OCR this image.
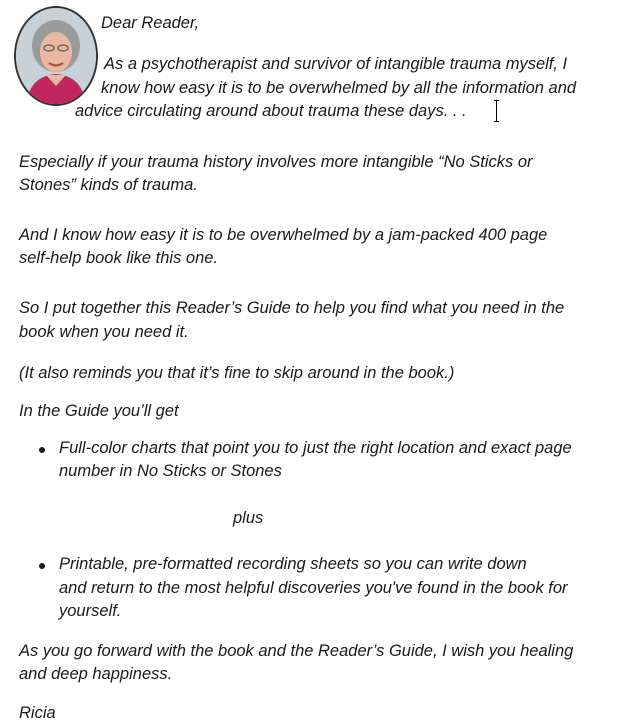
Dear Reader,
As a psychotherapist and survivor of intangible trauma myself, I
know how easy it is to be overwhelmed by all the information and
advice circulating around about trauma these days. . .
Especially if your trauma history involves more intangible “No Sticks or
Stones” kinds of trauma.
And I know how easy it is to be overwhelmed by a jam-packed 400 page
self-help book like this one.
So I put together this Reader’s Guide to help you find what you need in the
book when you need it.
(It also reminds you that it’s fine to skip around in the book.)
In the Guide you’ll get
Full-color charts that point you to just the right location and exact page
number in No Sticks or Stones
plus
Printable, pre-formatted recording sheets so you can write down
and return to the most helpful discoveries you've found in the book for
yourself.
As you go forward with the book and the Reader’s Guide, I wish you healing
and deep happiness.
Ricia
